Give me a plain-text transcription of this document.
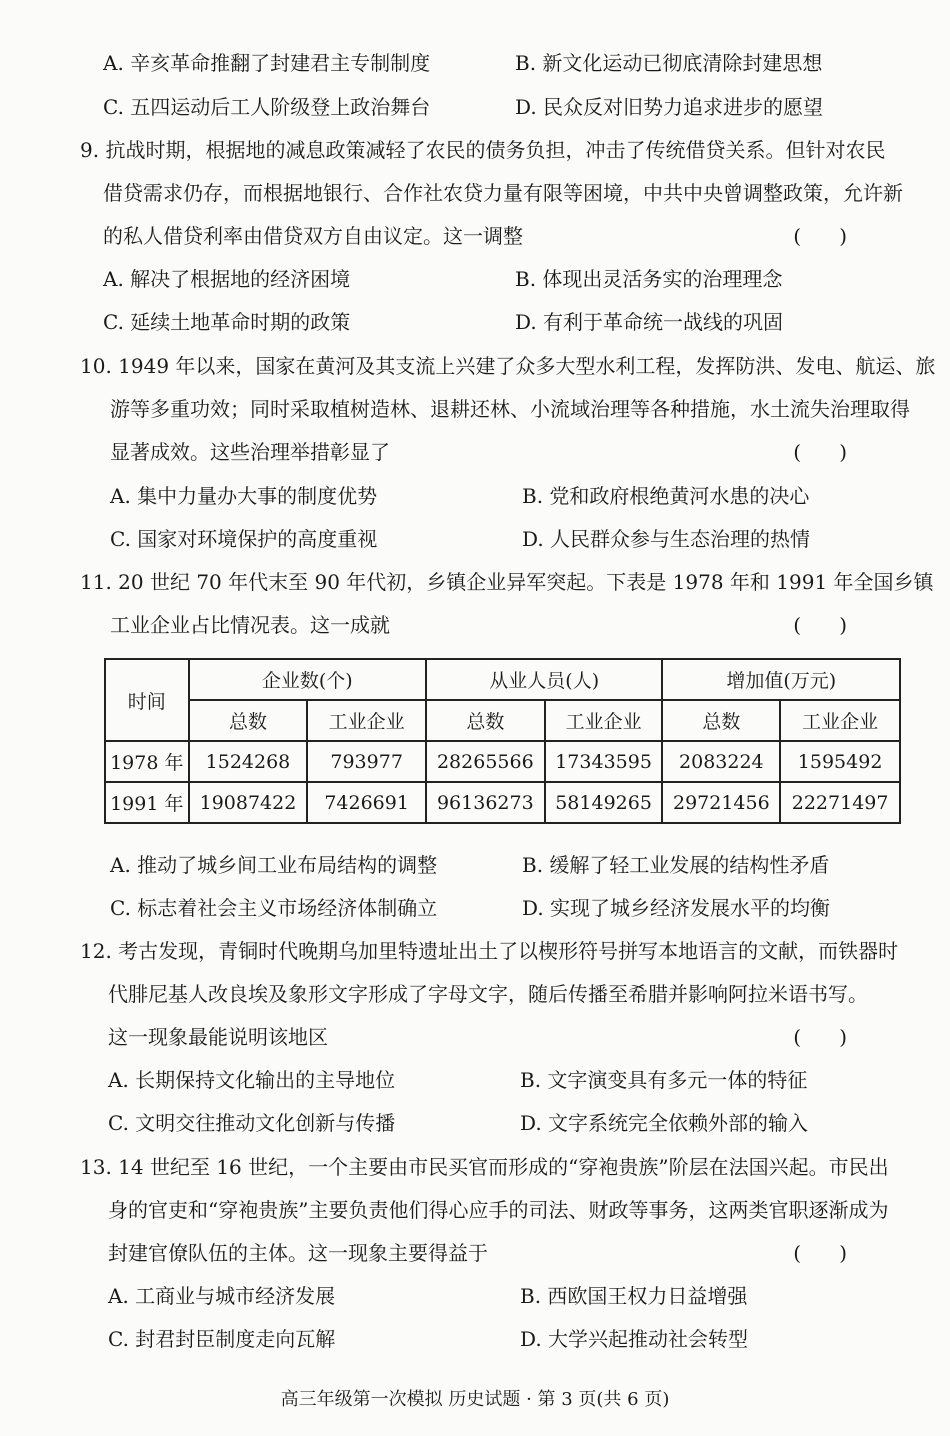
A. 辛亥革命推翻了封建君主专制制度	B. 新文化运动已彻底清除封建思想
C. 五四运动后工人阶级登上政治舞台	D. 民众反对旧势力追求进步的愿望
9. 抗战时期，根据地的减息政策减轻了农民的债务负担，冲击了传统借贷关系。但针对农民
借贷需求仍存，而根据地银行、合作社农贷力量有限等困境，中共中央曾调整政策，允许新
的私人借贷利率由借贷双方自由议定。这一调整	(      )
A. 解决了根据地的经济困境	B. 体现出灵活务实的治理理念
C. 延续土地革命时期的政策	D. 有利于革命统一战线的巩固
10. 1949 年以来，国家在黄河及其支流上兴建了众多大型水利工程，发挥防洪、发电、航运、旅
游等多重功效；同时采取植树造林、退耕还林、小流域治理等各种措施，水土流失治理取得
显著成效。这些治理举措彰显了	(      )
A. 集中力量办大事的制度优势	B. 党和政府根绝黄河水患的决心
C. 国家对环境保护的高度重视	D. 人民群众参与生态治理的热情
11. 20 世纪 70 年代末至 90 年代初，乡镇企业异军突起。下表是 1978 年和 1991 年全国乡镇
工业企业占比情况表。这一成就	(      )
时间	企业数(个)		从业人员(人)		增加值(万元)	
	总数	工业企业	总数	工业企业	总数	工业企业
1978 年	1524268	793977	28265566	17343595	2083224	1595492
1991 年	19087422	7426691	96136273	58149265	29721456	22271497
A. 推动了城乡间工业布局结构的调整	B. 缓解了轻工业发展的结构性矛盾
C. 标志着社会主义市场经济体制确立	D. 实现了城乡经济发展水平的均衡
12. 考古发现，青铜时代晚期乌加里特遗址出土了以楔形符号拼写本地语言的文献，而铁器时
代腓尼基人改良埃及象形文字形成了字母文字，随后传播至希腊并影响阿拉米语书写。
这一现象最能说明该地区	(      )
A. 长期保持文化输出的主导地位	B. 文字演变具有多元一体的特征
C. 文明交往推动文化创新与传播	D. 文字系统完全依赖外部的输入
13. 14 世纪至 16 世纪，一个主要由市民买官而形成的“穿袍贵族”阶层在法国兴起。市民出
身的官吏和“穿袍贵族”主要负责他们得心应手的司法、财政等事务，这两类官职逐渐成为
封建官僚队伍的主体。这一现象主要得益于	(      )
A. 工商业与城市经济发展	B. 西欧国王权力日益增强
C. 封君封臣制度走向瓦解	D. 大学兴起推动社会转型
高三年级第一次模拟 历史试题 · 第 3 页(共 6 页)
